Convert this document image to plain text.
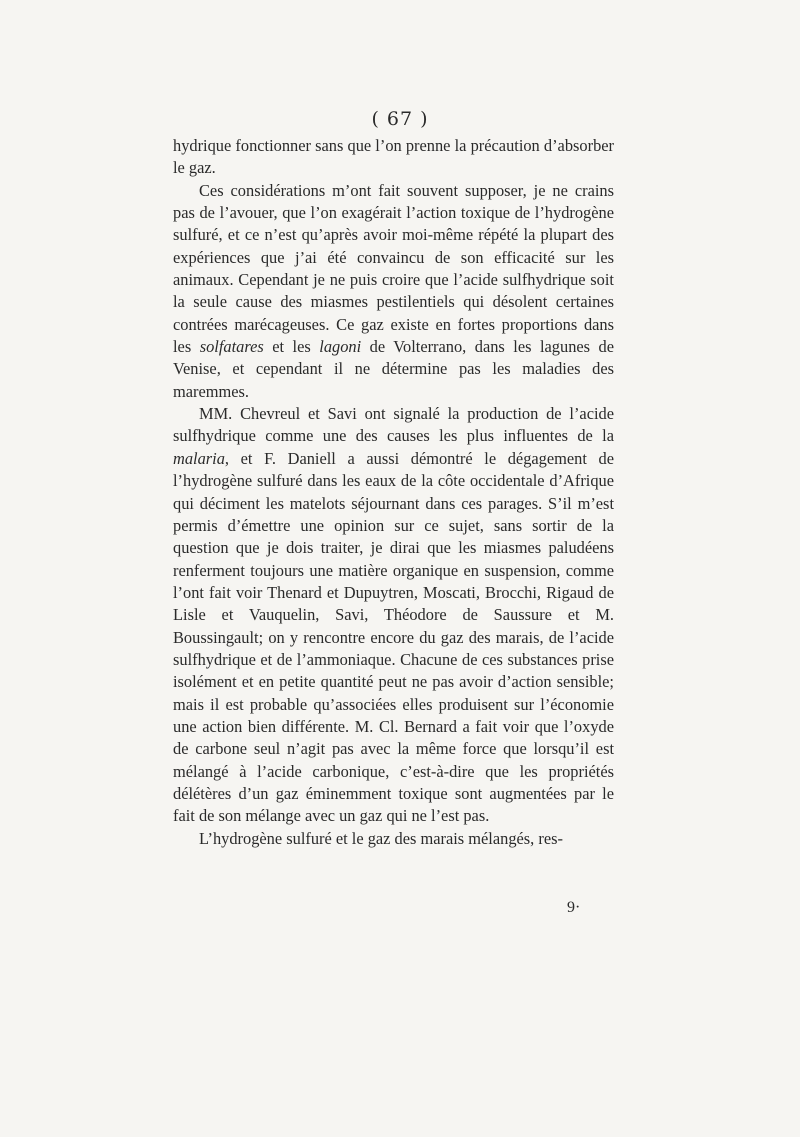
( 67 )

hydrique fonctionner sans que l’on prenne la précaution d’absorber le gaz.

Ces considérations m’ont fait souvent supposer, je ne crains pas de l’avouer, que l’on exagérait l’action toxique de l’hydrogène sulfuré, et ce n’est qu’après avoir moi-même répété la plupart des expériences que j’ai été convaincu de son efficacité sur les animaux. Cependant je ne puis croire que l’acide sulfhydrique soit la seule cause des miasmes pestilentiels qui désolent certaines contrées marécageuses. Ce gaz existe en fortes proportions dans les solfatares et les lagoni de Volterrano, dans les lagunes de Venise, et cependant il ne détermine pas les maladies des maremmes.

MM. Chevreul et Savi ont signalé la production de l’acide sulfhydrique comme une des causes les plus influentes de la malaria, et F. Daniell a aussi démontré le dégagement de l’hydrogène sulfuré dans les eaux de la côte occidentale d’Afrique qui déciment les matelots séjournant dans ces parages. S’il m’est permis d’émettre une opinion sur ce sujet, sans sortir de la question que je dois traiter, je dirai que les miasmes paludéens renferment toujours une matière organique en suspension, comme l’ont fait voir Thenard et Dupuytren, Moscati, Brocchi, Rigaud de Lisle et Vauquelin, Savi, Théodore de Saussure et M. Boussingault; on y rencontre encore du gaz des marais, de l’acide sulfhydrique et de l’ammoniaque. Chacune de ces substances prise isolément et en petite quantité peut ne pas avoir d’action sensible; mais il est probable qu’associées elles produisent sur l’économie une action bien différente. M. Cl. Bernard a fait voir que l’oxyde de carbone seul n’agit pas avec la même force que lorsqu’il est mélangé à l’acide carbonique, c’est-à-dire que les propriétés délétères d’un gaz éminemment toxique sont augmentées par le fait de son mélange avec un gaz qui ne l’est pas.

L’hydrogène sulfuré et le gaz des marais mélangés, res-

9·
